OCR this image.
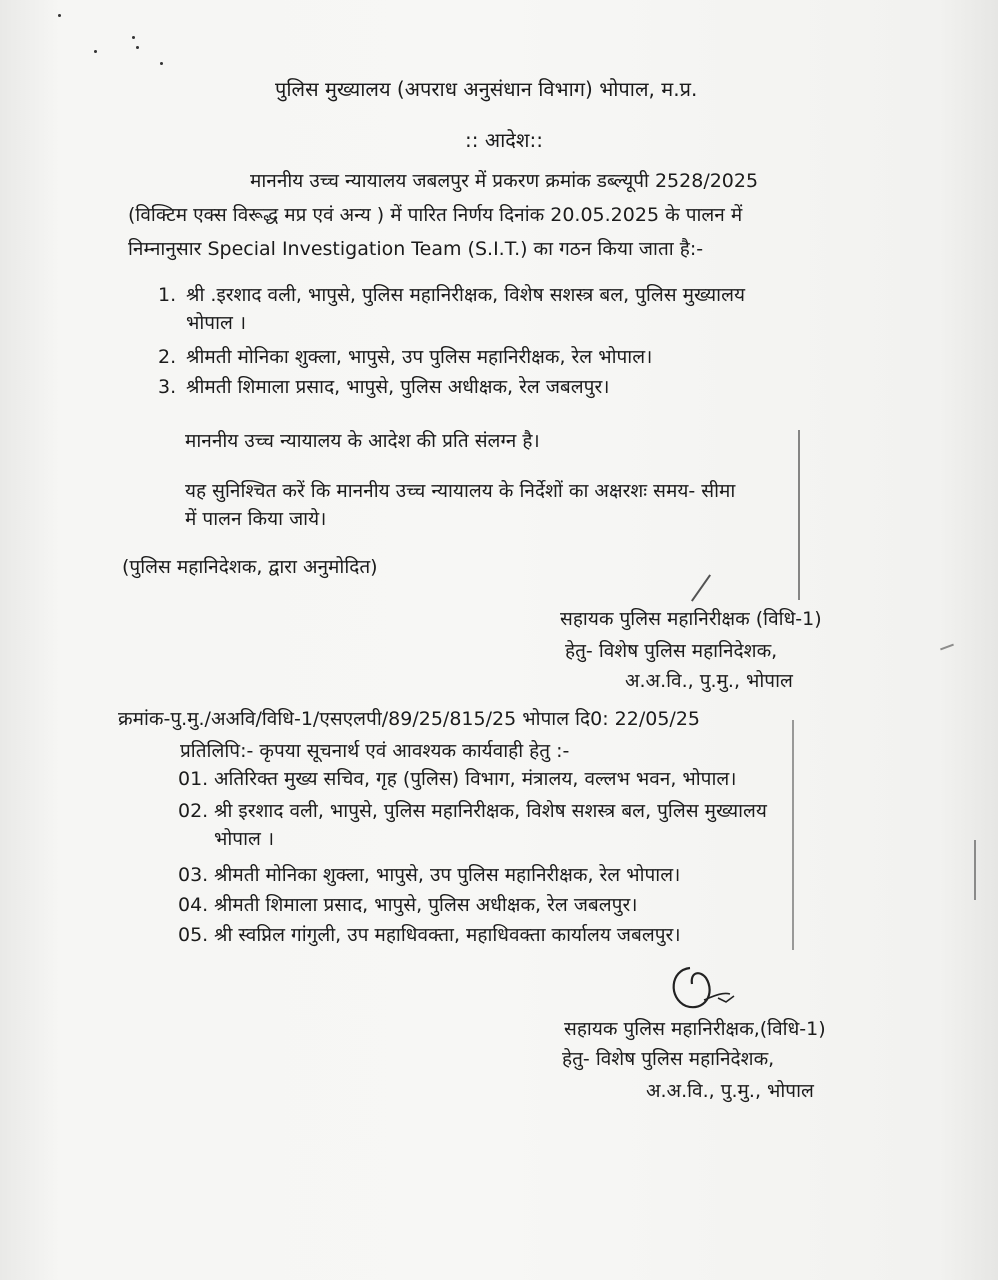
पुलिस मुख्यालय (अपराध अनुसंधान विभाग) भोपाल, म.प्र.
:: आदेश::
माननीय उच्च न्यायालय जबलपुर में प्रकरण क्रमांक डब्ल्यूपी 2528/2025
(विक्टिम एक्स विरूद्ध मप्र एवं अन्य ) में पारित निर्णय दिनांक 20.05.2025 के पालन में
निम्नानुसार Special Investigation Team (S.I.T.) का गठन किया जाता है:-
1. श्री .इरशाद वली, भापुसे, पुलिस महानिरीक्षक, विशेष सशस्त्र बल, पुलिस मुख्यालय
भोपाल ।
2. श्रीमती मोनिका शुक्ला, भापुसे, उप पुलिस महानिरीक्षक, रेल भोपाल।
3. श्रीमती शिमाला प्रसाद, भापुसे, पुलिस अधीक्षक, रेल जबलपुर।
माननीय उच्च न्यायालय के आदेश की प्रति संलग्न है।
यह सुनिश्चित करें कि माननीय उच्च न्यायालय के निर्देशों का अक्षरशः समय- सीमा
में पालन किया जाये।
(पुलिस महानिदेशक, द्वारा अनुमोदित)
सहायक पुलिस महानिरीक्षक (विधि-1)
हेतु- विशेष पुलिस महानिदेशक,
अ.अ.वि., पु.मु., भोपाल
क्रमांक-पु.मु./अअवि/विधि-1/एसएलपी/89/25/815/25 भोपाल दि0: 22/05/25
प्रतिलिपि:- कृपया सूचनार्थ एवं आवश्यक कार्यवाही हेतु :-
01. अतिरिक्त मुख्य सचिव, गृह (पुलिस) विभाग, मंत्रालय, वल्लभ भवन, भोपाल।
02. श्री इरशाद वली, भापुसे, पुलिस महानिरीक्षक, विशेष सशस्त्र बल, पुलिस मुख्यालय
भोपाल ।
03. श्रीमती मोनिका शुक्ला, भापुसे, उप पुलिस महानिरीक्षक, रेल भोपाल।
04. श्रीमती शिमाला प्रसाद, भापुसे, पुलिस अधीक्षक, रेल जबलपुर।
05. श्री स्वप्निल गांगुली, उप महाधिवक्ता, महाधिवक्ता कार्यालय जबलपुर।
सहायक पुलिस महानिरीक्षक,(विधि-1)
हेतु- विशेष पुलिस महानिदेशक,
अ.अ.वि., पु.मु., भोपाल
